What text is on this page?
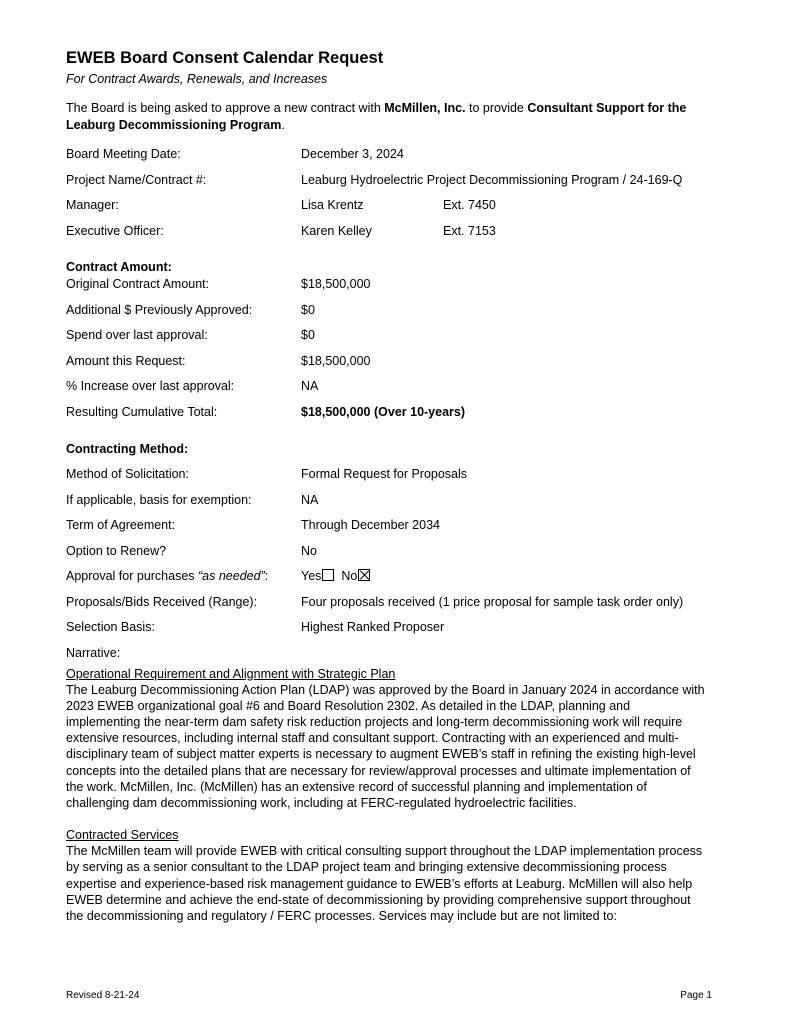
EWEB Board Consent Calendar Request
For Contract Awards, Renewals, and Increases
The Board is being asked to approve a new contract with McMillen, Inc. to provide Consultant Support for the Leaburg Decommissioning Program.
Board Meeting Date:	December 3, 2024
Project Name/Contract #:	Leaburg Hydroelectric Project Decommissioning Program / 24-169-Q
Manager:	Lisa Krentz	Ext. 7450
Executive Officer:	Karen Kelley	Ext. 7153
Contract Amount:
Original Contract Amount:	$18,500,000
Additional $ Previously Approved:	$0
Spend over last approval:	$0
Amount this Request:	$18,500,000
% Increase over last approval:	NA
Resulting Cumulative Total:	$18,500,000 (Over 10-years)
Contracting Method:
Method of Solicitation:	Formal Request for Proposals
If applicable, basis for exemption:	NA
Term of Agreement:	Through December 2034
Option to Renew?	No
Approval for purchases “as needed”:	Yes No
Proposals/Bids Received (Range):	Four proposals received (1 price proposal for sample task order only)
Selection Basis:	Highest Ranked Proposer
Narrative:
Operational Requirement and Alignment with Strategic Plan
The Leaburg Decommissioning Action Plan (LDAP) was approved by the Board in January 2024 in accordance with
2023 EWEB organizational goal #6 and Board Resolution 2302. As detailed in the LDAP, planning and
implementing the near-term dam safety risk reduction projects and long-term decommissioning work will require
extensive resources, including internal staff and consultant support. Contracting with an experienced and multi-
disciplinary team of subject matter experts is necessary to augment EWEB’s staff in refining the existing high-level
concepts into the detailed plans that are necessary for review/approval processes and ultimate implementation of
the work. McMillen, Inc. (McMillen) has an extensive record of successful planning and implementation of
challenging dam decommissioning work, including at FERC-regulated hydroelectric facilities.
Contracted Services
The McMillen team will provide EWEB with critical consulting support throughout the LDAP implementation process
by serving as a senior consultant to the LDAP project team and bringing extensive decommissioning process
expertise and experience-based risk management guidance to EWEB’s efforts at Leaburg. McMillen will also help
EWEB determine and achieve the end-state of decommissioning by providing comprehensive support throughout
the decommissioning and regulatory / FERC processes. Services may include but are not limited to:
Revised 8-21-24	Page 1
